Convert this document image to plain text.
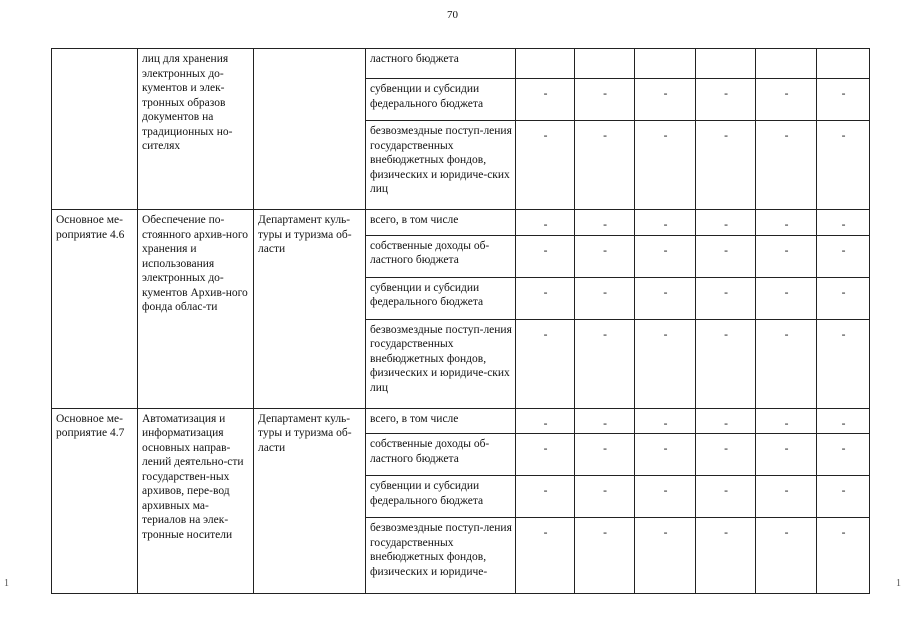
70
	лиц для хранения электронных до-кументов и элек-тронных образов документов на традиционных но-сителях		ластного бюджета						
			субвенции и субсидии федерального бюджета	-	-	-	-	-	-
			безвозмездные поступ-ления государственных внебюджетных фондов, физических и юридиче-ских лиц	-	-	-	-	-	-
Основное ме-роприятие 4.6	Обеспечение по-стоянного архив-ного хранения и использования электронных до-кументов Архив-ного фонда облас-ти	Департамент куль-туры и туризма об-ласти	всего, в том числе	-	-	-	-	-	-
			собственные доходы об-ластного бюджета	-	-	-	-	-	-
			субвенции и субсидии федерального бюджета	-	-	-	-	-	-
			безвозмездные поступ-ления государственных внебюджетных фондов, физических и юридиче-ских лиц	-	-	-	-	-	-
Основное ме-роприятие 4.7	Автоматизация и информатизация основных направ-лений деятельно-сти государствен-ных архивов, пере-вод архивных ма-териалов на элек-тронные носители	Департамент куль-туры и туризма об-ласти	всего, в том числе	-	-	-	-	-	-
			собственные доходы об-ластного бюджета	-	-	-	-	-	-
			субвенции и субсидии федерального бюджета	-	-	-	-	-	-
			безвозмездные поступ-ления государственных внебюджетных фондов, физических и юридиче-	-	-	-	-	-	-
1	1
